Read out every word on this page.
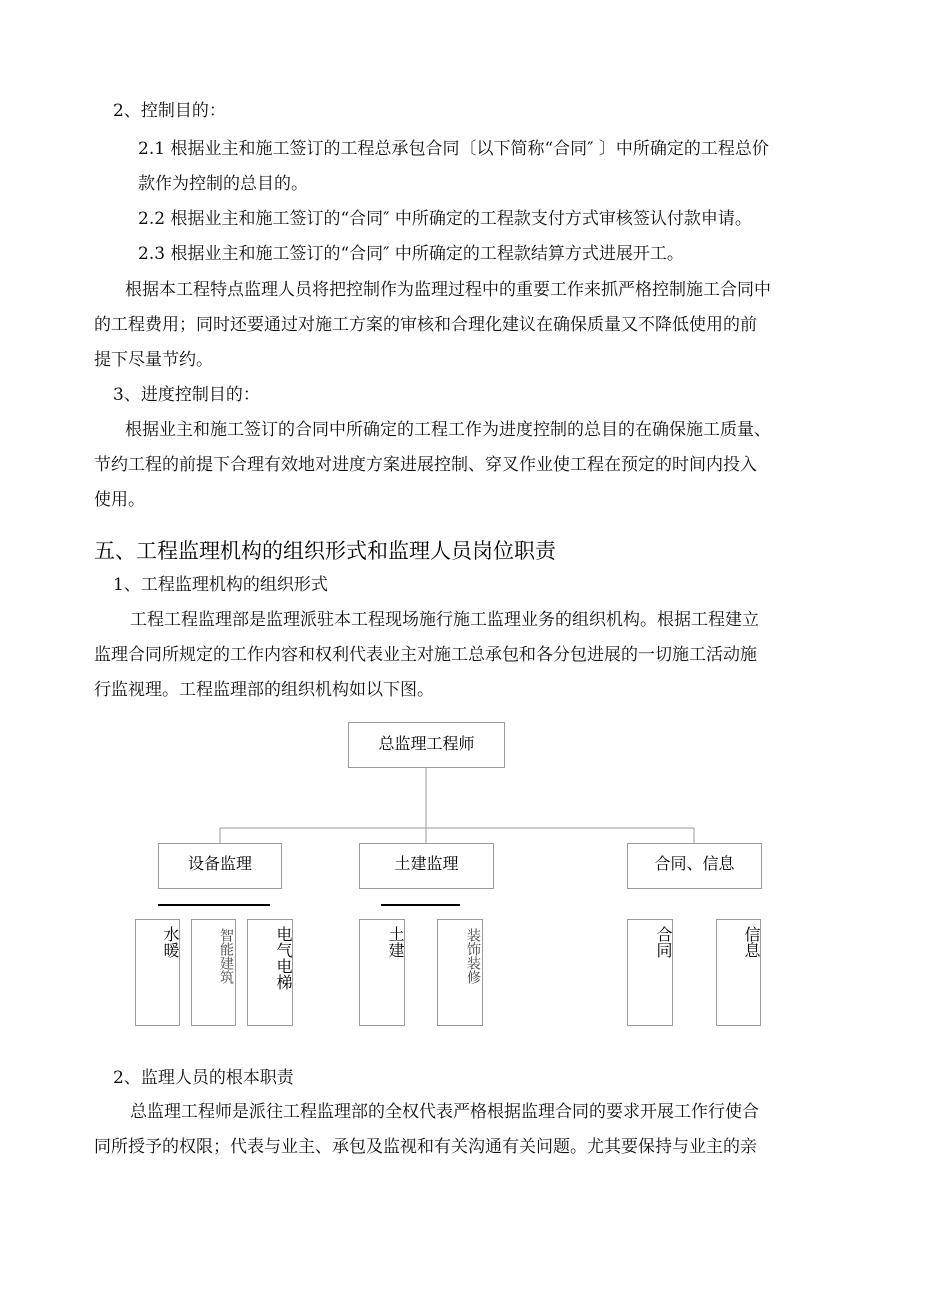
2、控制目的：
2.1 根据业主和施工签订的工程总承包合同〔以下简称“合同″ 〕中所确定的工程总价
款作为控制的总目的。
2.2 根据业主和施工签订的“合同″ 中所确定的工程款支付方式审核签认付款申请。
2.3 根据业主和施工签订的“合同″ 中所确定的工程款结算方式进展开工。
根据本工程特点监理人员将把控制作为监理过程中的重要工作来抓严格控制施工合同中
的工程费用；同时还要通过对施工方案的审核和合理化建议在确保质量又不降低使用的前
提下尽量节约。
3、进度控制目的：
根据业主和施工签订的合同中所确定的工程工作为进度控制的总目的在确保施工质量、
节约工程的前提下合理有效地对进度方案进展控制、穿叉作业使工程在预定的时间内投入
使用。
五、工程监理机构的组织形式和监理人员岗位职责
1、工程监理机构的组织形式
工程工程监理部是监理派驻本工程现场施行施工监理业务的组织机构。根据工程建立
监理合同所规定的工作内容和权利代表业主对施工总承包和各分包进展的一切施工活动施
行监视理。工程监理部的组织机构如以下图。
总监理工程师
设备监理	土建监理	合同、信息
水暖	智能建筑	电气电梯	土建	装饰装修	合同	信息
2、监理人员的根本职责
总监理工程师是派往工程监理部的全权代表严格根据监理合同的要求开展工作行使合
同所授予的权限；代表与业主、承包及监视和有关沟通有关问题。尤其要保持与业主的亲
